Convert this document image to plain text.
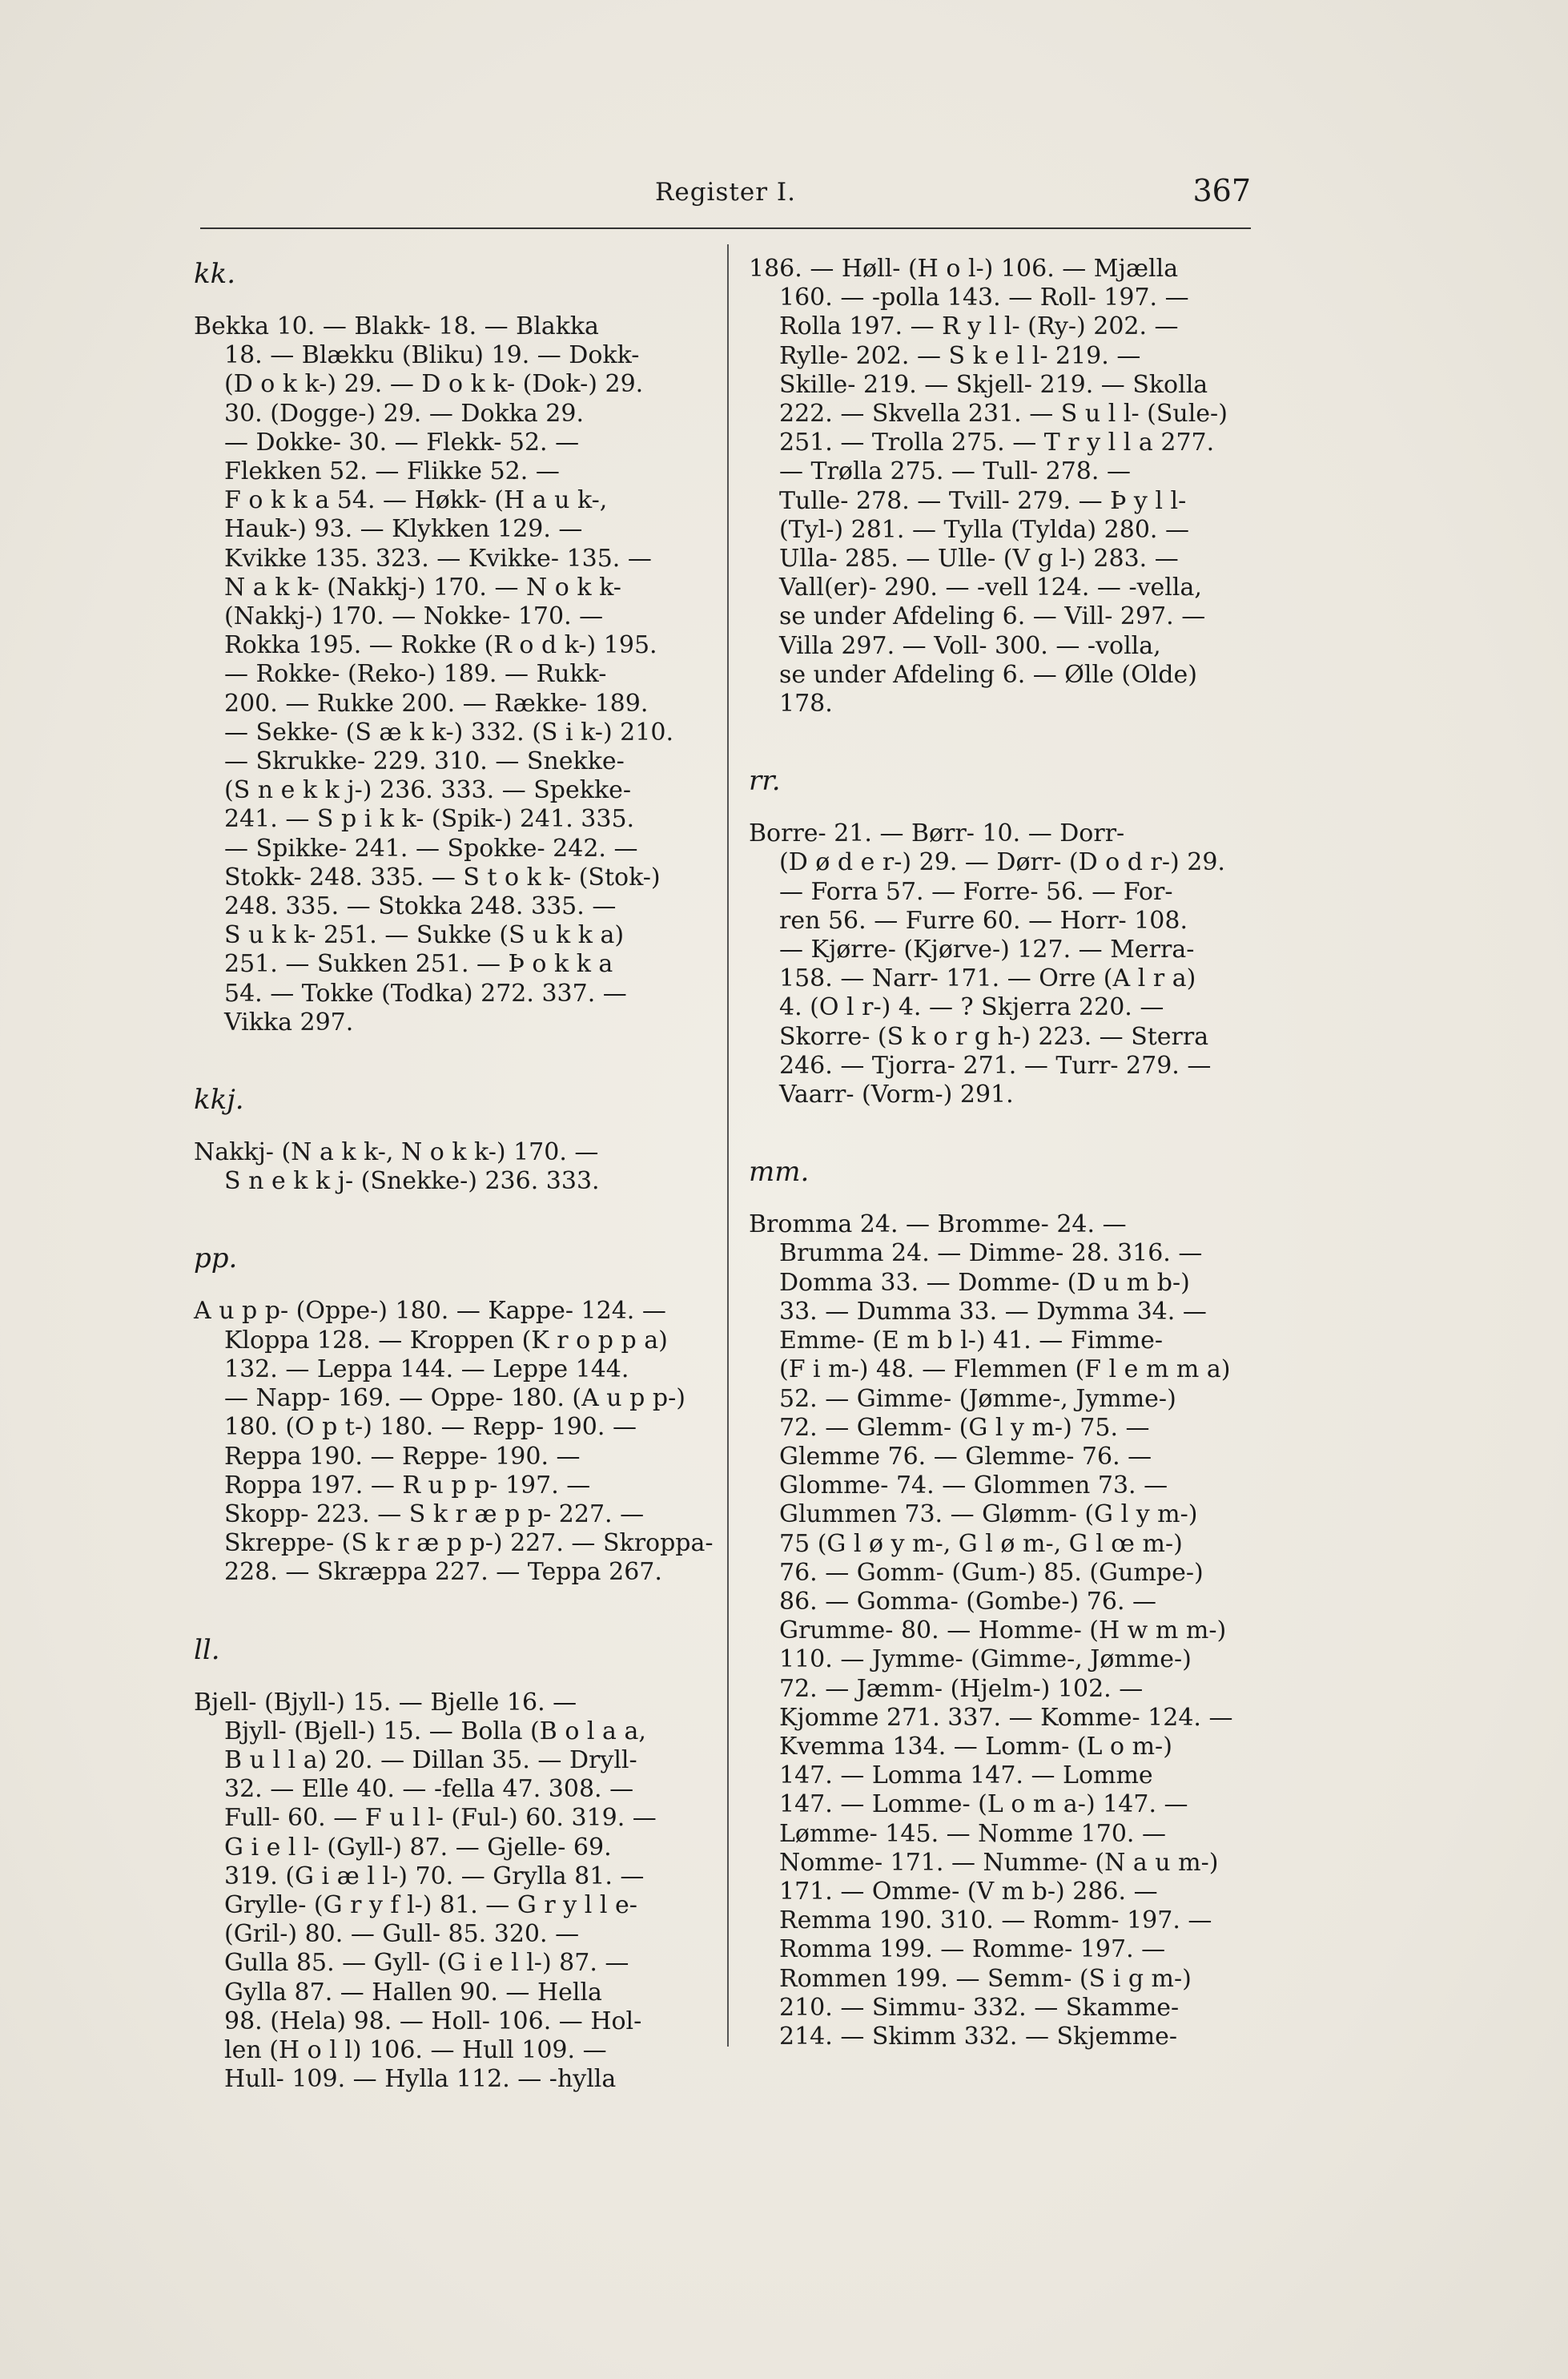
Register I.	367
kk.
Bekka 10. — Blakk- 18. — Blakka
18. — Blækku (Bliku) 19. — Dokk-
(D o k k-) 29. — D o k k- (Dok-) 29.
30. (Dogge-) 29. — Dokka 29.
— Dokke- 30. — Flekk- 52. —
Flekken 52. — Flikke 52. —
F o k k a 54. — Høkk- (H a u k-,
Hauk-) 93. — Klykken 129. —
Kvikke 135. 323. — Kvikke- 135. —
N a k k- (Nakkj-) 170. — N o k k-
(Nakkj-) 170. — Nokke- 170. —
Rokka 195. — Rokke (R o d k-) 195.
— Rokke- (Reko-) 189. — Rukk-
200. — Rukke 200. — Række- 189.
— Sekke- (S æ k k-) 332. (S i k-) 210.
— Skrukke- 229. 310. — Snekke-
(S n e k k j-) 236. 333. — Spekke-
241. — S p i k k- (Spik-) 241. 335.
— Spikke- 241. — Spokke- 242. —
Stokk- 248. 335. — S t o k k- (Stok-)
248. 335. — Stokka 248. 335. —
S u k k- 251. — Sukke (S u k k a)
251. — Sukken 251. — Þ o k k a
54. — Tokke (Todka) 272. 337. —
Vikka 297.
kkj.
Nakkj- (N a k k-, N o k k-) 170. —
S n e k k j- (Snekke-) 236. 333.
pp.
A u p p- (Oppe-) 180. — Kappe- 124. —
Kloppa 128. — Kroppen (K r o p p a)
132. — Leppa 144. — Leppe 144.
— Napp- 169. — Oppe- 180. (A u p p-)
180. (O p t-) 180. — Repp- 190. —
Reppa 190. — Reppe- 190. —
Roppa 197. — R u p p- 197. —
Skopp- 223. — S k r æ p p- 227. —
Skreppe- (S k r æ p p-) 227. — Skroppa-
228. — Skræppa 227. — Teppa 267.
ll.
Bjell- (Bjyll-) 15. — Bjelle 16. —
Bjyll- (Bjell-) 15. — Bolla (B o l a a,
B u l l a) 20. — Dillan 35. — Dryll-
32. — Elle 40. — -fella 47. 308. —
Full- 60. — F u l l- (Ful-) 60. 319. —
G i e l l- (Gyll-) 87. — Gjelle- 69.
319. (G i æ l l-) 70. — Grylla 81. —
Grylle- (G r y f l-) 81. — G r y l l e-
(Gril-) 80. — Gull- 85. 320. —
Gulla 85. — Gyll- (G i e l l-) 87. —
Gylla 87. — Hallen 90. — Hella
98. (Hela) 98. — Holl- 106. — Hol-
len (H o l l) 106. — Hull 109. —
Hull- 109. — Hylla 112. — -hylla
186. — Høll- (H o l-) 106. — Mjælla
160. — -polla 143. — Roll- 197. —
Rolla 197. — R y l l- (Ry-) 202. —
Rylle- 202. — S k e l l- 219. —
Skille- 219. — Skjell- 219. — Skolla
222. — Skvella 231. — S u l l- (Sule-)
251. — Trolla 275. — T r y l l a 277.
— Trølla 275. — Tull- 278. —
Tulle- 278. — Tvill- 279. — Þ y l l-
(Tyl-) 281. — Tylla (Tylda) 280. —
Ulla- 285. — Ulle- (V g l-) 283. —
Vall(er)- 290. — -vell 124. — -vella,
se under Afdeling 6. — Vill- 297. —
Villa 297. — Voll- 300. — -volla,
se under Afdeling 6. — Ølle (Olde)
178.
rr.
Borre- 21. — Børr- 10. — Dorr-
(D ø d e r-) 29. — Dørr- (D o d r-) 29.
— Forra 57. — Forre- 56. — For-
ren 56. — Furre 60. — Horr- 108.
— Kjørre- (Kjørve-) 127. — Merra-
158. — Narr- 171. — Orre (A l r a)
4. (O l r-) 4. — ? Skjerra 220. —
Skorre- (S k o r g h-) 223. — Sterra
246. — Tjorra- 271. — Turr- 279. —
Vaarr- (Vorm-) 291.
mm.
Bromma 24. — Bromme- 24. —
Brumma 24. — Dimme- 28. 316. —
Domma 33. — Domme- (D u m b-)
33. — Dumma 33. — Dymma 34. —
Emme- (E m b l-) 41. — Fimme-
(F i m-) 48. — Flemmen (F l e m m a)
52. — Gimme- (Jømme-, Jymme-)
72. — Glemm- (G l y m-) 75. —
Glemme 76. — Glemme- 76. —
Glomme- 74. — Glommen 73. —
Glummen 73. — Glømm- (G l y m-)
75 (G l ø y m-, G l ø m-, G l œ m-)
76. — Gomm- (Gum-) 85. (Gumpe-)
86. — Gomma- (Gombe-) 76. —
Grumme- 80. — Homme- (H w m m-)
110. — Jymme- (Gimme-, Jømme-)
72. — Jæmm- (Hjelm-) 102. —
Kjomme 271. 337. — Komme- 124. —
Kvemma 134. — Lomm- (L o m-)
147. — Lomma 147. — Lomme
147. — Lomme- (L o m a-) 147. —
Lømme- 145. — Nomme 170. —
Nomme- 171. — Numme- (N a u m-)
171. — Omme- (V m b-) 286. —
Remma 190. 310. — Romm- 197. —
Romma 199. — Romme- 197. —
Rommen 199. — Semm- (S i g m-)
210. — Simmu- 332. — Skamme-
214. — Skimm 332. — Skjemme-
